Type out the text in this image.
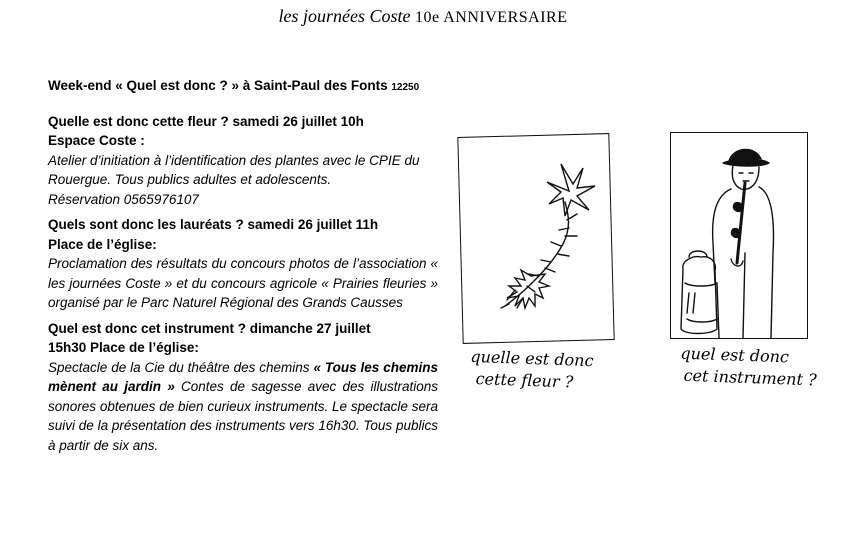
les journées Coste 10e ANNIVERSAIRE

Week-end « Quel est donc ? » à Saint-Paul des Fonts 12250

Quelle est donc cette fleur ? samedi 26 juillet 10h

Espace Coste :

Atelier d’initiation à l’identification des plantes avec le CPIE du Rouergue. Tous publics adultes et adolescents.

Réservation 0565976107

Quels sont donc les lauréats ? samedi 26 juillet 11h

Place de l’église:

Proclamation des résultats du concours photos de l’association « les journées Coste » et du concours agricole « Prairies fleuries » organisé par le Parc Naturel Régional des Grands Causses

Quel est donc cet instrument ? dimanche 27 juillet

15h30 Place de l’église:

Spectacle de la Cie du théâtre des chemins « Tous les chemins mènent au jardin » Contes de sagesse avec des illustrations sonores obtenues de bien curieux instruments. Le spectacle sera suivi de la présentation des instruments vers 16h30. Tous publics à partir de six ans.

quelle est donc
cette fleur ?
quel est donc
cet instrument ?
